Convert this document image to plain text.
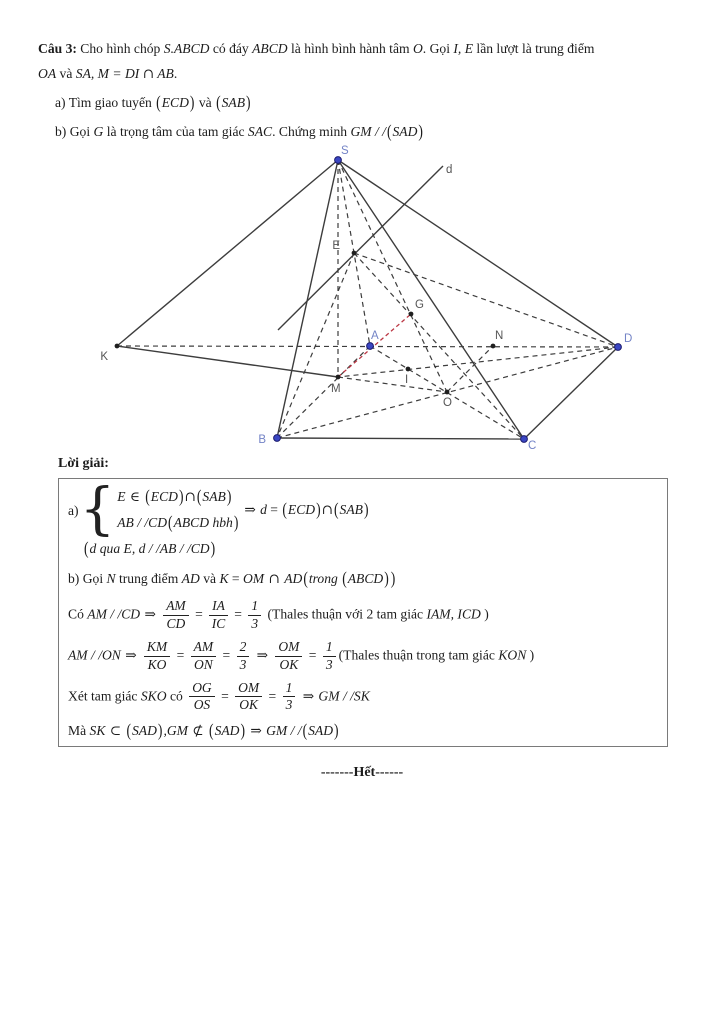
Câu 3: Cho hình chóp S.ABCD có đáy ABCD là hình bình hành tâm O. Gọi I, E lần lượt là trung điểm
OA và SA, M = DI ∩ AB.
a) Tìm giao tuyến (ECD) và (SAB)
b) Gọi G là trọng tâm của tam giác SAC. Chứng minh GM / /(SAD)
S
d
E
G
A	N	D
K
I
M
O
B	C
Lời giải:
a) { E ∈ (ECD)∩(SAB)
AB / /CD(ABCD hbh)
⇒ d = (ECD)∩(SAB)
(d qua E, d / /AB / /CD)
b) Gọi N trung điểm AD và K = OM ∩ AD(trong (ABCD) )
Có AM / /CD ⇒ $\frac{AM}{CD} = \frac{IA}{IC} = \frac{1}{3}$ (Thales thuận với 2 tam giác IAM, ICD )
AM / /ON ⇒ $\frac{KM}{KO} = \frac{AM}{ON} = \frac{2}{3}$ ⇒ $\frac{OM}{OK} = \frac{1}{3}$ (Thales thuận trong tam giác KON )
Xét tam giác SKO có $\frac{OG}{OS} = \frac{OM}{OK} = \frac{1}{3}$ ⇒ GM / /SK
Mà SK ⊂ (SAD),GM ⊄ (SAD) ⇒ GM / /(SAD)
-------Hết------
